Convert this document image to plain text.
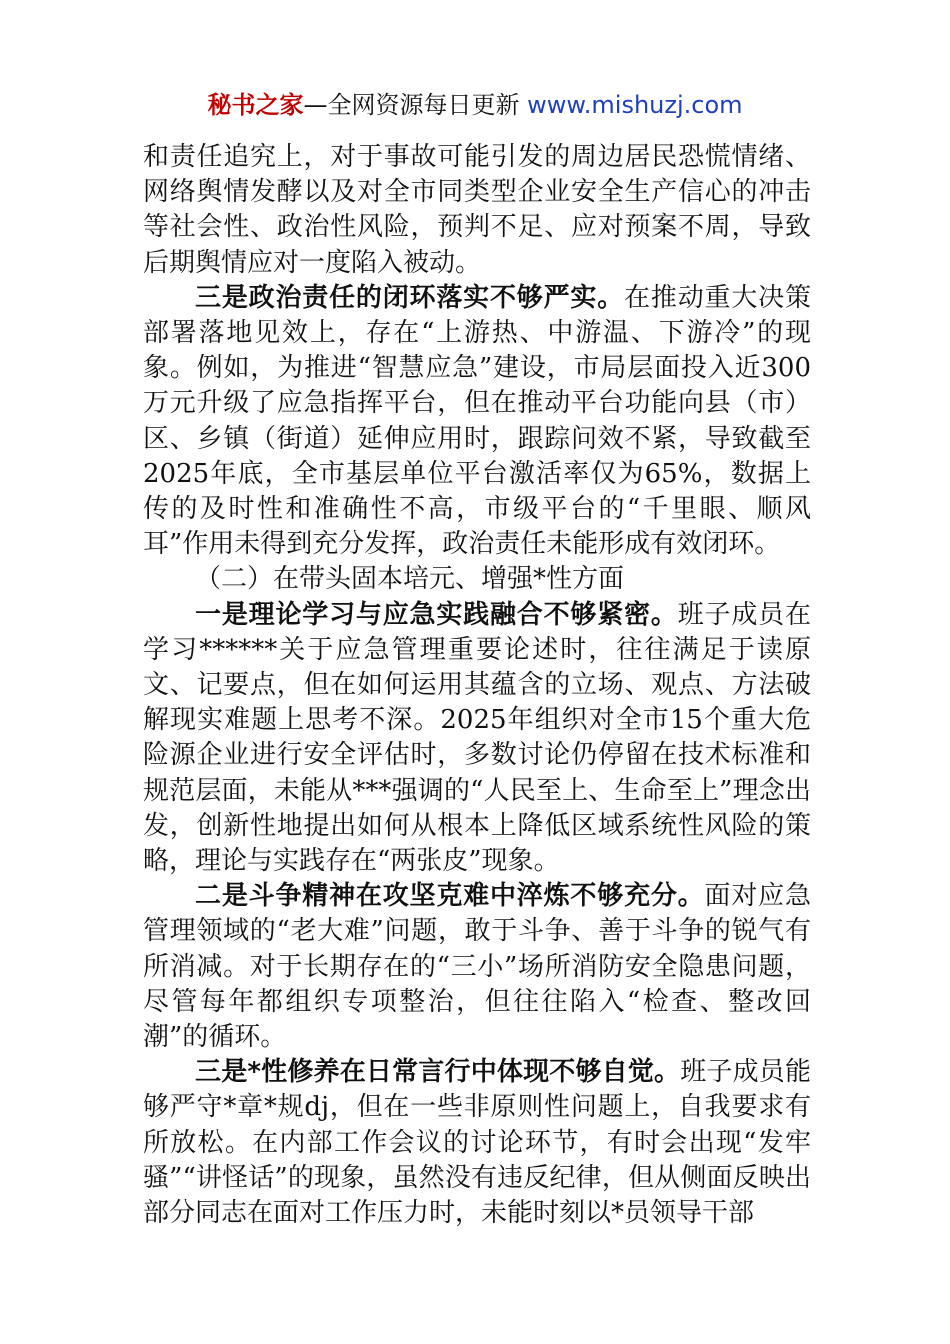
秘书之家—全网资源每日更新 www.mishuzj.com

和责任追究上，对于事故可能引发的周边居民恐慌情绪、网络舆情发酵以及对全市同类型企业安全生产信心的冲击等社会性、政治性风险，预判不足、应对预案不周，导致后期舆情应对一度陷入被动。

三是政治责任的闭环落实不够严实。在推动重大决策部署落地见效上，存在“上游热、中游温、下游冷”的现象。例如，为推进“智慧应急”建设，市局层面投入近300万元升级了应急指挥平台，但在推动平台功能向县（市）区、乡镇（街道）延伸应用时，跟踪问效不紧，导致截至2025年底，全市基层单位平台激活率仅为65%，数据上传的及时性和准确性不高，市级平台的“千里眼、顺风耳”作用未得到充分发挥，政治责任未能形成有效闭环。

（二）在带头固本培元、增强*性方面

一是理论学习与应急实践融合不够紧密。班子成员在学习******关于应急管理重要论述时，往往满足于读原文、记要点，但在如何运用其蕴含的立场、观点、方法破解现实难题上思考不深。2025年组织对全市15个重大危险源企业进行安全评估时，多数讨论仍停留在技术标准和规范层面，未能从***强调的“人民至上、生命至上”理念出发，创新性地提出如何从根本上降低区域系统性风险的策略，理论与实践存在“两张皮”现象。

二是斗争精神在攻坚克难中淬炼不够充分。面对应急管理领域的“老大难”问题，敢于斗争、善于斗争的锐气有所消减。对于长期存在的“三小”场所消防安全隐患问题，尽管每年都组织专项整治，但往往陷入“检查、整改回潮”的循环。

三是*性修养在日常言行中体现不够自觉。班子成员能够严守*章*规dj，但在一些非原则性问题上，自我要求有所放松。在内部工作会议的讨论环节，有时会出现“发牢骚”“讲怪话”的现象，虽然没有违反纪律，但从侧面反映出部分同志在面对工作压力时，未能时刻以*员领导干部
